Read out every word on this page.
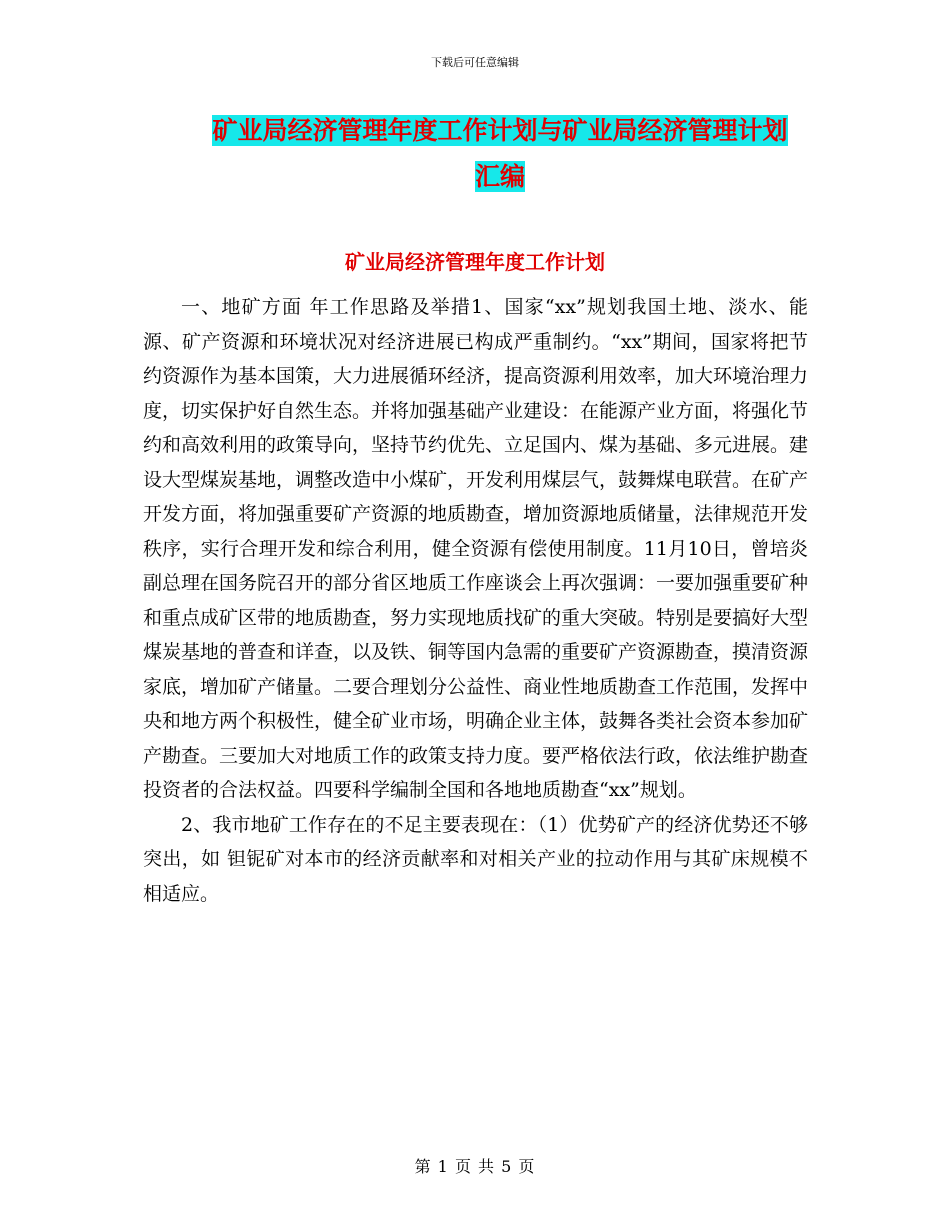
下载后可任意编辑
矿业局经济管理年度工作计划与矿业局经济管理计划
汇编
矿业局经济管理年度工作计划

一、地矿方面 年工作思路及举措1、国家“xx”规划我国土地、淡水、能源、矿产资源和环境状况对经济进展已构成严重制约。“xx”期间，国家将把节约资源作为基本国策，大力进展循环经济，提高资源利用效率，加大环境治理力度，切实保护好自然生态。并将加强基础产业建设：在能源产业方面，将强化节约和高效利用的政策导向，坚持节约优先、立足国内、煤为基础、多元进展。建设大型煤炭基地，调整改造中小煤矿，开发利用煤层气，鼓舞煤电联营。在矿产开发方面，将加强重要矿产资源的地质勘查，增加资源地质储量，法律规范开发秩序，实行合理开发和综合利用，健全资源有偿使用制度。11月10日，曾培炎副总理在国务院召开的部分省区地质工作座谈会上再次强调：一要加强重要矿种和重点成矿区带的地质勘查，努力实现地质找矿的重大突破。特别是要搞好大型煤炭基地的普查和详查，以及铁、铜等国内急需的重要矿产资源勘查，摸清资源家底，增加矿产储量。二要合理划分公益性、商业性地质勘查工作范围，发挥中央和地方两个积极性，健全矿业市场，明确企业主体，鼓舞各类社会资本参加矿产勘查。三要加大对地质工作的政策支持力度。要严格依法行政，依法维护勘查投资者的合法权益。四要科学编制全国和各地地质勘查“xx”规划。

2、我市地矿工作存在的不足主要表现在：（1）优势矿产的经济优势还不够突出，如 钽铌矿对本市的经济贡献率和对相关产业的拉动作用与其矿床规模不相适应。

第 1 页 共 5 页
